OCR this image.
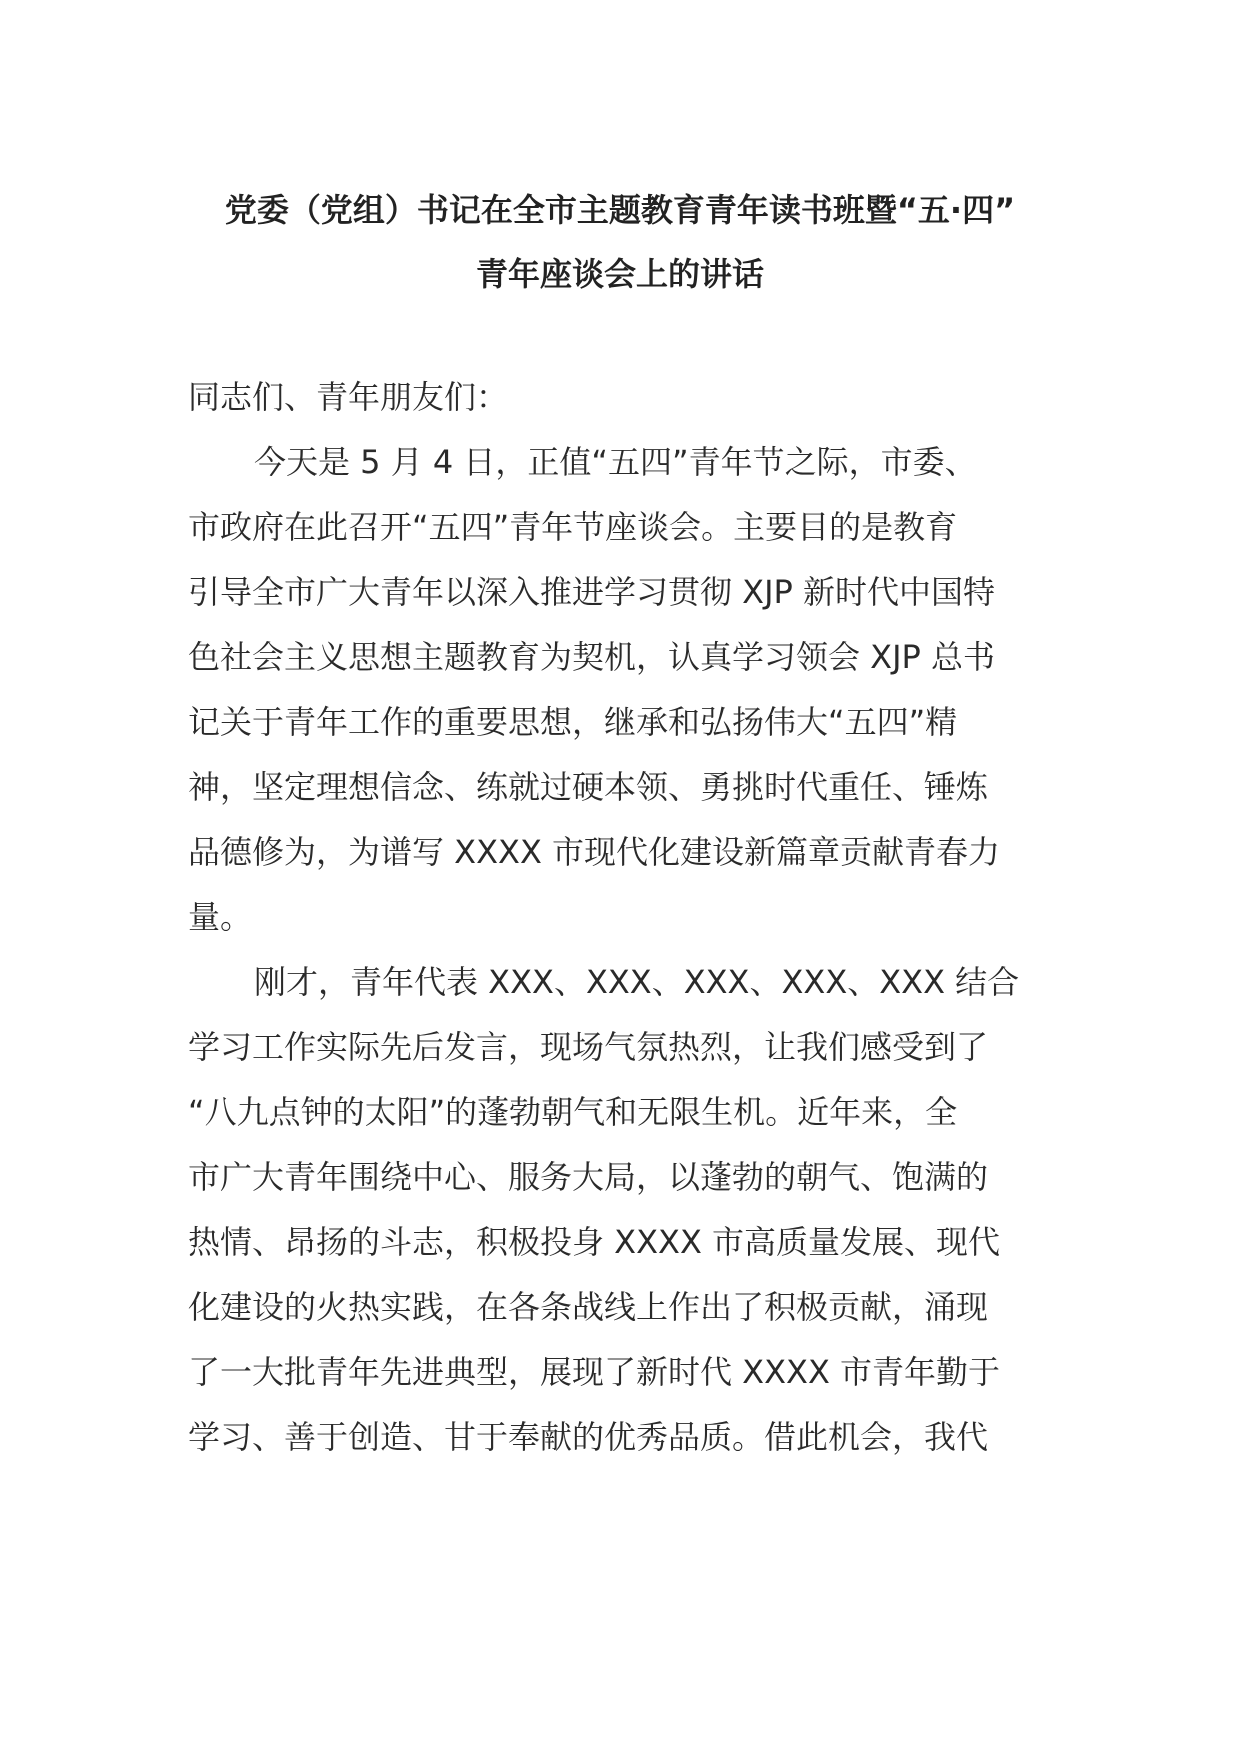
党委（党组）书记在全市主题教育青年读书班暨“五·四”
青年座谈会上的讲话
同志们、青年朋友们：
今天是 5 月 4 日，正值“五四”青年节之际，市委、
市政府在此召开“五四”青年节座谈会。主要目的是教育
引导全市广大青年以深入推进学习贯彻 XJP 新时代中国特
色社会主义思想主题教育为契机，认真学习领会 XJP 总书
记关于青年工作的重要思想，继承和弘扬伟大“五四”精
神，坚定理想信念、练就过硬本领、勇挑时代重任、锤炼
品德修为，为谱写 XXXX 市现代化建设新篇章贡献青春力
量。
刚才，青年代表 XXX、XXX、XXX、XXX、XXX 结合
学习工作实际先后发言，现场气氛热烈，让我们感受到了
“八九点钟的太阳”的蓬勃朝气和无限生机。近年来，全
市广大青年围绕中心、服务大局，以蓬勃的朝气、饱满的
热情、昂扬的斗志，积极投身 XXXX 市高质量发展、现代
化建设的火热实践，在各条战线上作出了积极贡献，涌现
了一大批青年先进典型，展现了新时代 XXXX 市青年勤于
学习、善于创造、甘于奉献的优秀品质。借此机会，我代
